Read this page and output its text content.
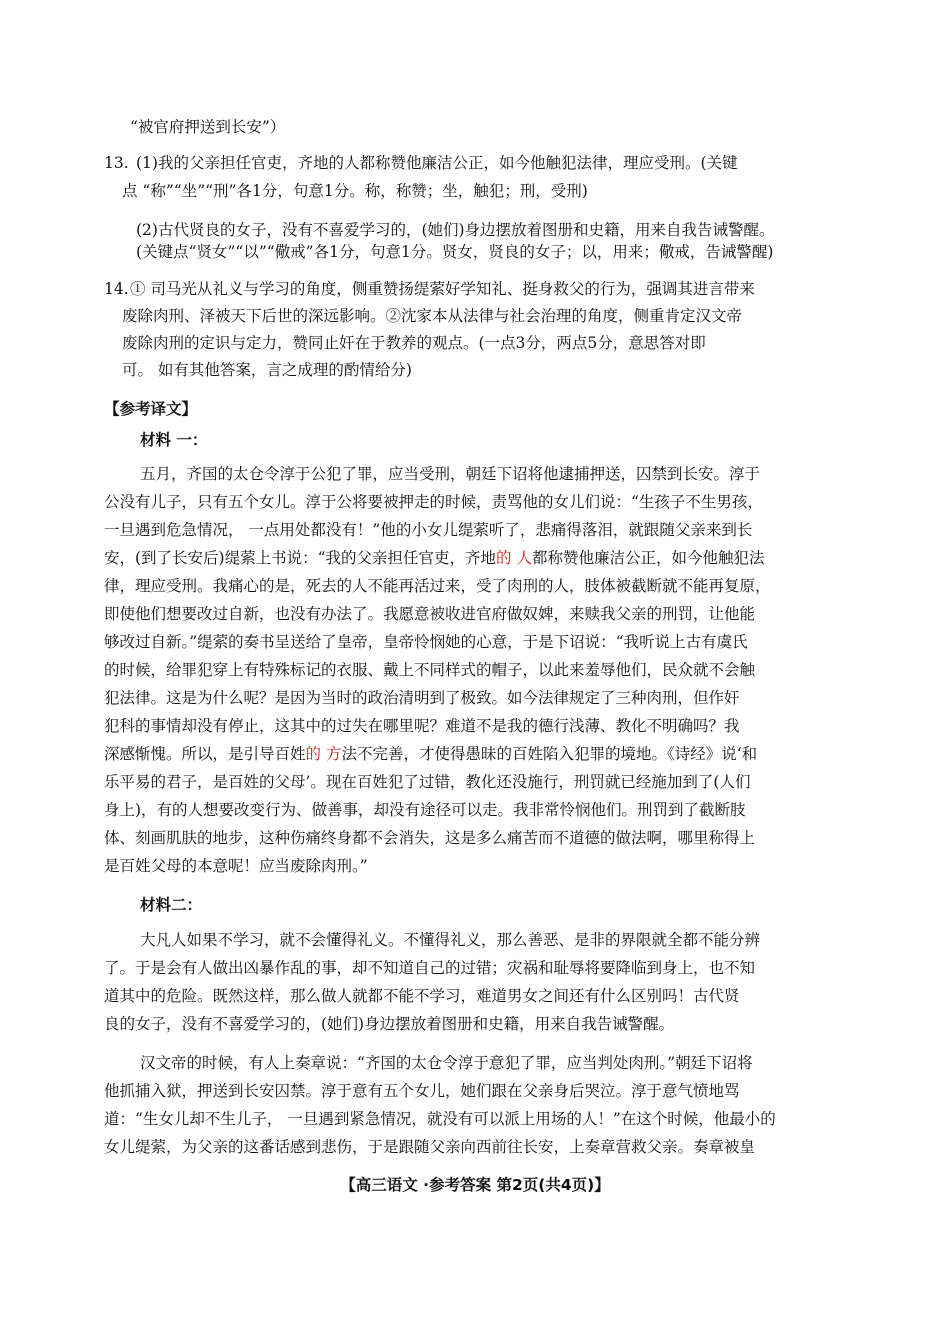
“被官府押送到长安”）
13. (1)我的父亲担任官吏，齐地的人都称赞他廉洁公正，如今他触犯法律，理应受刑。(关键
点 “称”“坐”“刑”各1分，句意1分。称，称赞；坐，触犯；刑，受刑)
(2)古代贤良的女子，没有不喜爱学习的，(她们)身边摆放着图册和史籍，用来自我告诫警醒。
(关键点“贤女”“以”“儆戒”各1分，句意1分。贤女，贤良的女子；以，用来；儆戒，告诫警醒)
14. ① 司马光从礼义与学习的角度，侧重赞扬缇萦好学知礼、挺身救父的行为，强调其进言带来
废除肉刑、泽被天下后世的深远影响。②沈家本从法律与社会治理的角度，侧重肯定汉文帝
废除肉刑的定识与定力，赞同止奸在于教养的观点。(一点3分，两点5分，意思答对即
可。 如有其他答案，言之成理的酌情给分)
【参考译文】
材料 一：
五月，齐国的太仓令淳于公犯了罪，应当受刑，朝廷下诏将他逮捕押送，囚禁到长安。淳于
公没有儿子，只有五个女儿。淳于公将要被押走的时候，责骂他的女儿们说：“生孩子不生男孩，
一旦遇到危急情况， 一点用处都没有！”他的小女儿缇萦听了，悲痛得落泪，就跟随父亲来到长
安，(到了长安后)缇萦上书说：“我的父亲担任官吏，齐地的 人都称赞他廉洁公正，如今他触犯法
律，理应受刑。我痛心的是，死去的人不能再活过来，受了肉刑的人，肢体被截断就不能再复原，
即使他们想要改过自新，也没有办法了。我愿意被收进官府做奴婢，来赎我父亲的刑罚，让他能
够改过自新。”缇萦的奏书呈送给了皇帝，皇帝怜悯她的心意，于是下诏说：“我听说上古有虞氏
的时候，给罪犯穿上有特殊标记的衣服、戴上不同样式的帽子，以此来羞辱他们，民众就不会触
犯法律。这是为什么呢？是因为当时的政治清明到了极致。如今法律规定了三种肉刑，但作奸
犯科的事情却没有停止，这其中的过失在哪里呢？难道不是我的德行浅薄、教化不明确吗？我
深感惭愧。所以，是引导百姓的 方法不完善，才使得愚昧的百姓陷入犯罪的境地。《诗经》说‘和
乐平易的君子，是百姓的父母’。现在百姓犯了过错，教化还没施行，刑罚就已经施加到了(人们
身上)，有的人想要改变行为、做善事，却没有途径可以走。我非常怜悯他们。刑罚到了截断肢
体、刻画肌肤的地步，这种伤痛终身都不会消失，这是多么痛苦而不道德的做法啊，哪里称得上
是百姓父母的本意呢！应当废除肉刑。”
材料二：
大凡人如果不学习，就不会懂得礼义。不懂得礼义，那么善恶、是非的界限就全都不能分辨
了。于是会有人做出凶暴作乱的事，却不知道自己的过错；灾祸和耻辱将要降临到身上，也不知
道其中的危险。既然这样，那么做人就都不能不学习，难道男女之间还有什么区别吗！古代贤
良的女子，没有不喜爱学习的，(她们)身边摆放着图册和史籍，用来自我告诫警醒。
汉文帝的时候，有人上奏章说：“齐国的太仓令淳于意犯了罪，应当判处肉刑。”朝廷下诏将
他抓捕入狱，押送到长安囚禁。淳于意有五个女儿，她们跟在父亲身后哭泣。淳于意气愤地骂
道：“生女儿却不生儿子， 一旦遇到紧急情况，就没有可以派上用场的人！”在这个时候，他最小的
女儿缇萦，为父亲的这番话感到悲伤，于是跟随父亲向西前往长安，上奏章营救父亲。奏章被皇
【高三语文 ·参考答案 第2页(共4页)】
